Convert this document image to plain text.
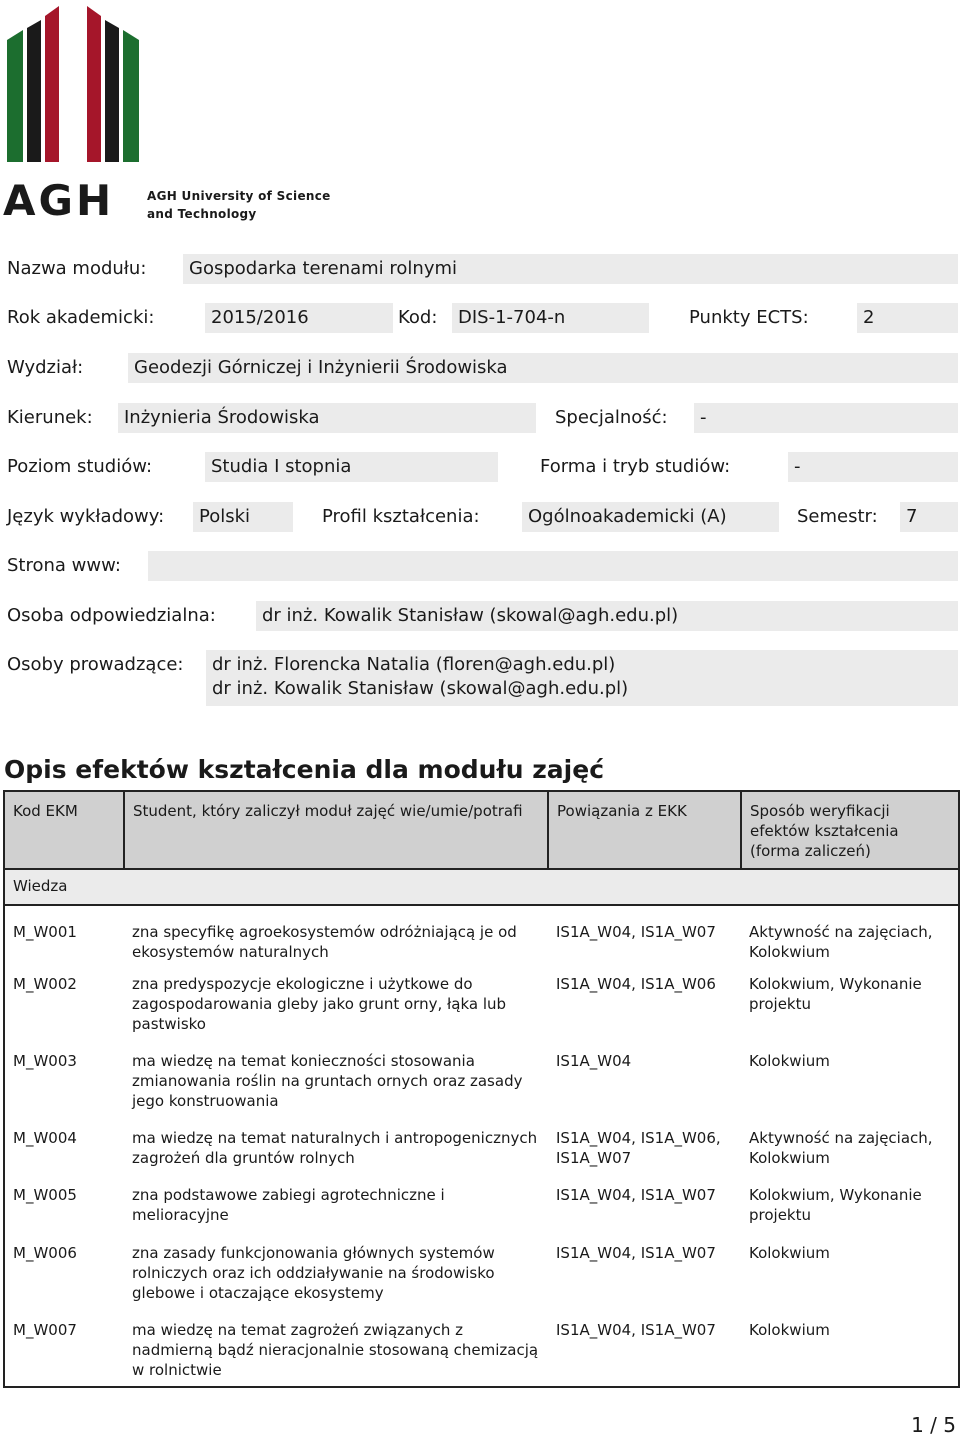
AGH	AGH University of Science
and Technology
Nazwa modułu:	Gospodarka terenami rolnymi
Rok akademicki:	2015/2016	Kod:	DIS-1-704-n	Punkty ECTS:	2
Wydział:	Geodezji Górniczej i Inżynierii Środowiska
Kierunek:	Inżynieria Środowiska	Specjalność:	-
Poziom studiów:	Studia I stopnia	Forma i tryb studiów:	-
Język wykładowy:	Polski	Profil kształcenia:	Ogólnoakademicki (A)	Semestr:	7
Strona www:
Osoba odpowiedzialna:	dr inż. Kowalik Stanisław (skowal@agh.edu.pl)
Osoby prowadzące: dr inż. Florencka Natalia (floren@agh.edu.pl)
dr inż. Kowalik Stanisław (skowal@agh.edu.pl)
Opis efektów kształcenia dla modułu zajęć
Kod EKM	Student, który zaliczył moduł zajęć wie/umie/potrafi	Powiązania z EKK	Sposób weryfikacji efektów kształcenia (forma zaliczeń)
Wiedza			
M_W001	zna specyfikę agroekosystemów odróżniającą je od ekosystemów naturalnych	IS1A_W04, IS1A_W07	Aktywność na zajęciach, Kolokwium
M_W002	zna predyspozycje ekologiczne i użytkowe do zagospodarowania gleby jako grunt orny, łąka lub pastwisko	IS1A_W04, IS1A_W06	Kolokwium, Wykonanie projektu
M_W003	ma wiedzę na temat konieczności stosowania zmianowania roślin na gruntach ornych oraz zasady jego konstruowania	IS1A_W04	Kolokwium
M_W004	ma wiedzę na temat naturalnych i antropogenicznych zagrożeń dla gruntów rolnych	IS1A_W04, IS1A_W06, IS1A_W07	Aktywność na zajęciach, Kolokwium
M_W005	zna podstawowe zabiegi agrotechniczne i melioracyjne	IS1A_W04, IS1A_W07	Kolokwium, Wykonanie projektu
M_W006	zna zasady funkcjonowania głównych systemów rolniczych oraz ich oddziaływanie na środowisko glebowe i otaczające ekosystemy	IS1A_W04, IS1A_W07	Kolokwium
M_W007	ma wiedzę na temat zagrożeń związanych z nadmierną bądź nieracjonalnie stosowaną chemizacją w rolnictwie	IS1A_W04, IS1A_W07	Kolokwium
1 / 5
